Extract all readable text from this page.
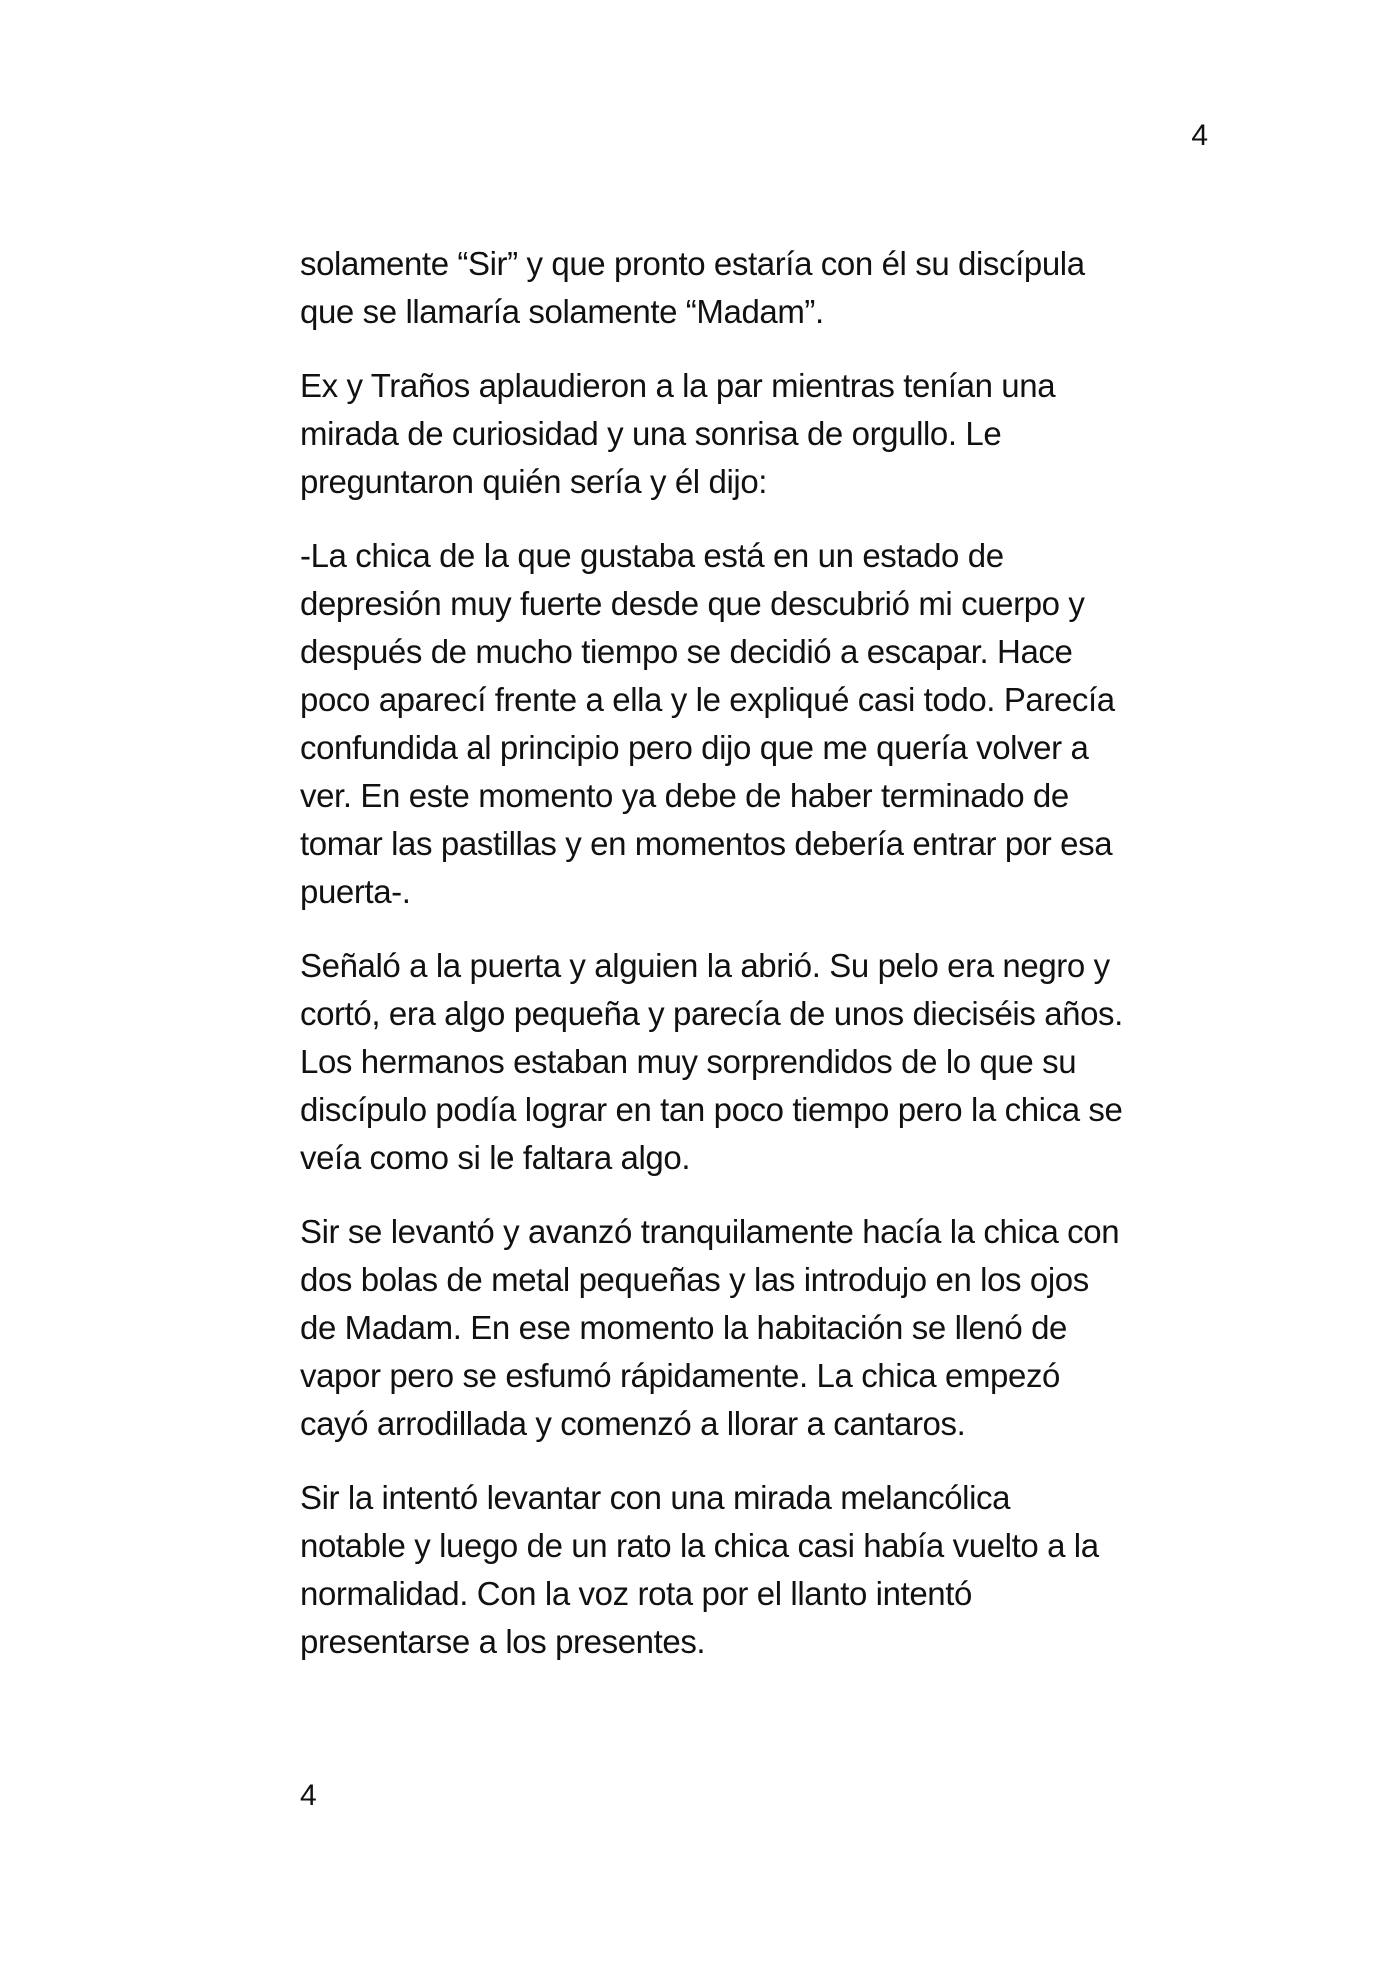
4

solamente “Sir” y que pronto estaría con él su discípula
que se llamaría solamente “Madam”.

Ex y Traños aplaudieron a la par mientras tenían una
mirada de curiosidad y una sonrisa de orgullo. Le
preguntaron quién sería y él dijo:

-La chica de la que gustaba está en un estado de
depresión muy fuerte desde que descubrió mi cuerpo y
después de mucho tiempo se decidió a escapar. Hace
poco aparecí frente a ella y le expliqué casi todo. Parecía
confundida al principio pero dijo que me quería volver a
ver. En este momento ya debe de haber terminado de
tomar las pastillas y en momentos debería entrar por esa
puerta-.

Señaló a la puerta y alguien la abrió. Su pelo era negro y
cortó, era algo pequeña y parecía de unos dieciséis años.
Los hermanos estaban muy sorprendidos de lo que su
discípulo podía lograr en tan poco tiempo pero la chica se
veía como si le faltara algo.

Sir se levantó y avanzó tranquilamente hacía la chica con
dos bolas de metal pequeñas y las introdujo en los ojos
de Madam. En ese momento la habitación se llenó de
vapor pero se esfumó rápidamente. La chica empezó
cayó arrodillada y comenzó a llorar a cantaros.

Sir la intentó levantar con una mirada melancólica
notable y luego de un rato la chica casi había vuelto a la
normalidad. Con la voz rota por el llanto intentó
presentarse a los presentes.

4
